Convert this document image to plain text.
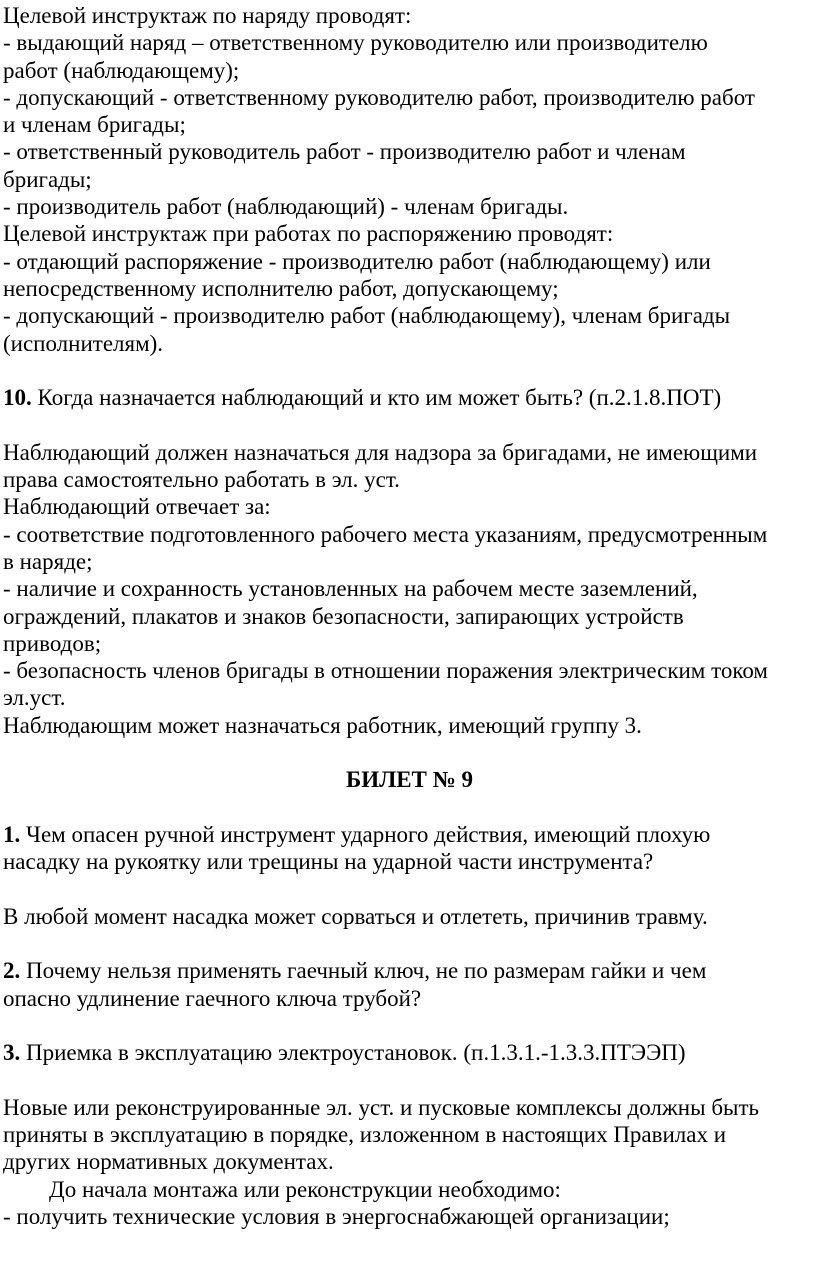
Целевой инструктаж по наряду проводят:
- выдающий наряд – ответственному руководителю или производителю
работ (наблюдающему);
- допускающий - ответственному руководителю работ, производителю работ
и членам бригады;
- ответственный руководитель работ - производителю работ и членам
бригады;
- производитель работ (наблюдающий) - членам бригады.
Целевой инструктаж при работах по распоряжению проводят:
- отдающий распоряжение - производителю работ (наблюдающему) или
непосредственному исполнителю работ, допускающему;
- допускающий - производителю работ (наблюдающему), членам бригады
(исполнителям).
10. Когда назначается наблюдающий и кто им может быть? (п.2.1.8.ПОТ)
Наблюдающий должен назначаться для надзора за бригадами, не имеющими
права самостоятельно работать в эл. уст.
Наблюдающий отвечает за:
- соответствие подготовленного рабочего места указаниям, предусмотренным
в наряде;
- наличие и сохранность установленных на рабочем месте заземлений,
ограждений, плакатов и знаков безопасности, запирающих устройств
приводов;
- безопасность членов бригады в отношении поражения электрическим током
эл.уст.
Наблюдающим может назначаться работник, имеющий группу 3.
БИЛЕТ № 9
1. Чем опасен ручной инструмент ударного действия, имеющий плохую
насадку на рукоятку или трещины на ударной части инструмента?
В любой момент насадка может сорваться и отлететь, причинив травму.
2. Почему нельзя применять гаечный ключ, не по размерам гайки и чем
опасно удлинение гаечного ключа трубой?
3. Приемка в эксплуатацию электроустановок. (п.1.3.1.-1.3.3.ПТЭЭП)
Новые или реконструированные эл. уст. и пусковые комплексы должны быть
приняты в эксплуатацию в порядке, изложенном в настоящих Правилах и
других нормативных документах.
До начала монтажа или реконструкции необходимо:
- получить технические условия в энергоснабжающей организации;
